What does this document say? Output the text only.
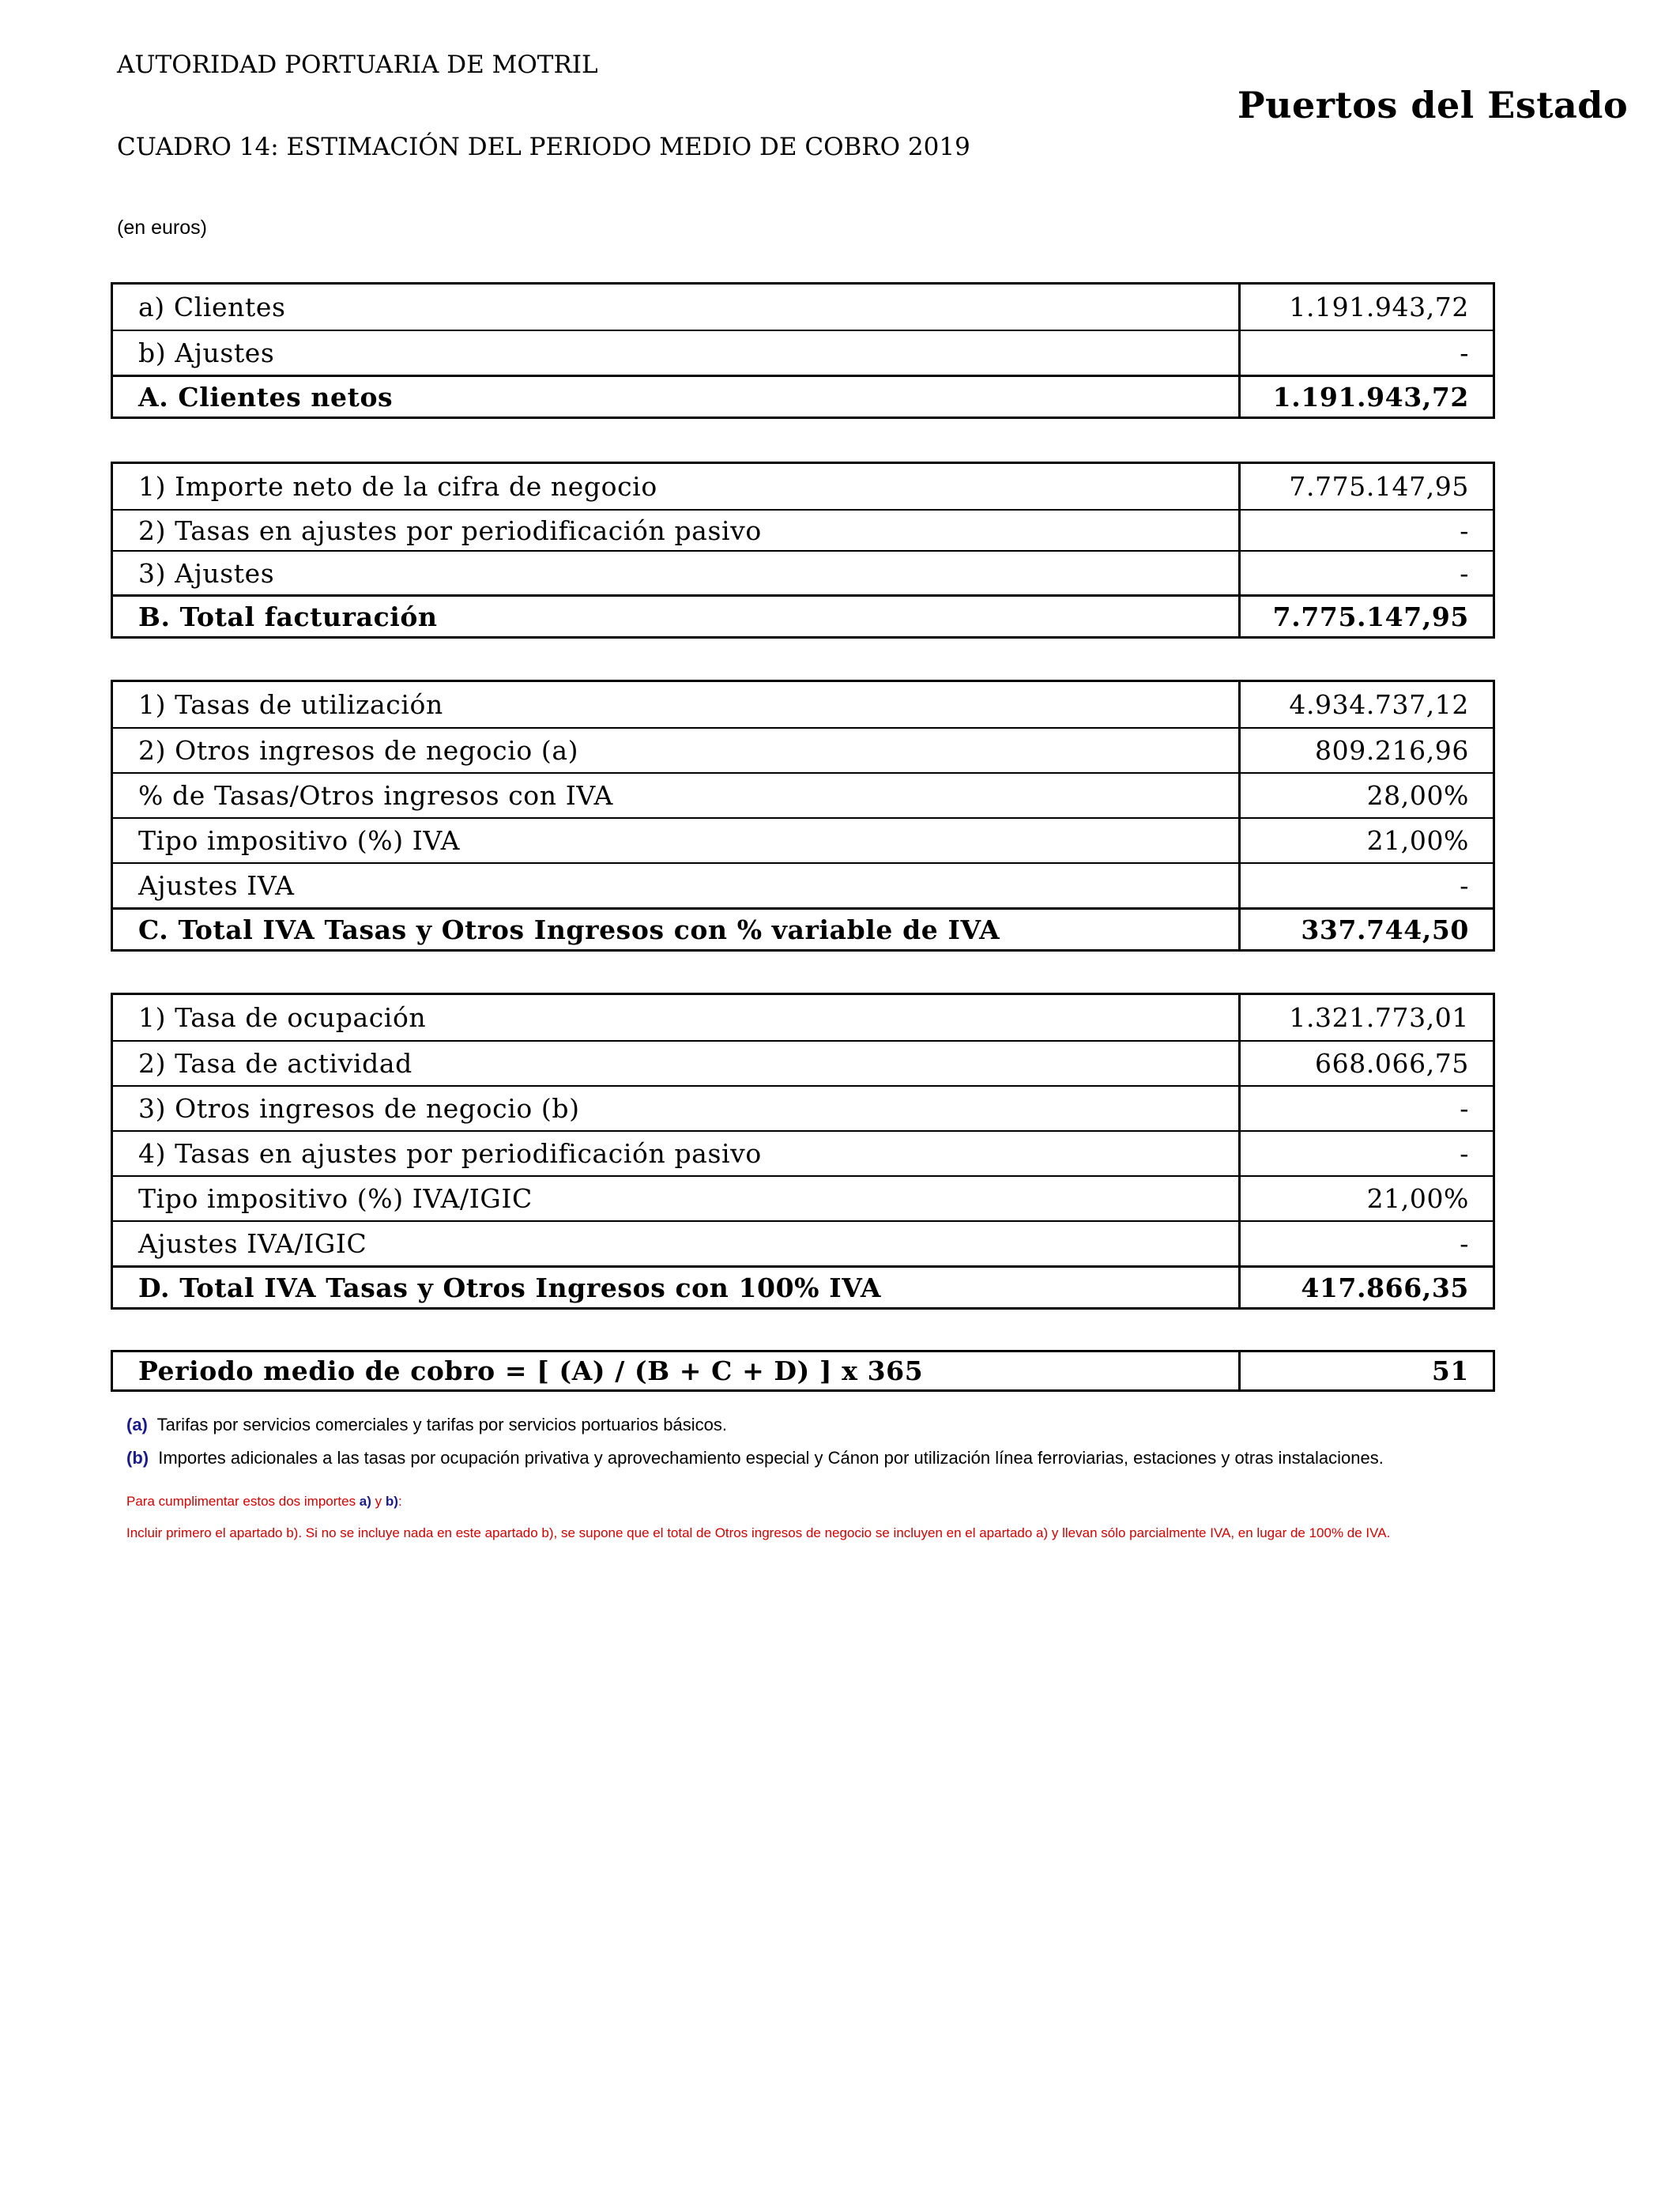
AUTORIDAD PORTUARIA DE MOTRIL
Puertos del Estado
CUADRO 14: ESTIMACIÓN DEL PERIODO MEDIO DE COBRO 2019
(en euros)
a) Clientes	1.191.943,72
b) Ajustes	-
A. Clientes netos	1.191.943,72
1) Importe neto de la cifra de negocio	7.775.147,95
2) Tasas en ajustes por periodificación pasivo	-
3) Ajustes	-
B. Total facturación	7.775.147,95
1) Tasas de utilización	4.934.737,12
2) Otros ingresos de negocio (a)	809.216,96
% de Tasas/Otros ingresos con IVA	28,00%
Tipo impositivo (%) IVA	21,00%
Ajustes IVA	-
C. Total IVA Tasas y Otros Ingresos con % variable de IVA	337.744,50
1) Tasa de ocupación	1.321.773,01
2) Tasa de actividad	668.066,75
3) Otros ingresos de negocio (b)	-
4) Tasas en ajustes por periodificación pasivo	-
Tipo impositivo (%) IVA/IGIC	21,00%
Ajustes IVA/IGIC	-
D. Total IVA Tasas y Otros Ingresos con 100% IVA	417.866,35
Periodo medio de cobro = [ (A) / (B + C + D) ] x 365	51
(a) Tarifas por servicios comerciales y tarifas por servicios portuarios básicos.
(b) Importes adicionales a las tasas por ocupación privativa y aprovechamiento especial y Cánon por utilización línea ferroviarias, estaciones y otras instalaciones.
Para cumplimentar estos dos importes a) y b):
Incluir primero el apartado b). Si no se incluye nada en este apartado b), se supone que el total de Otros ingresos de negocio se incluyen en el apartado a) y llevan sólo parcialmente IVA, en lugar de 100% de IVA.
